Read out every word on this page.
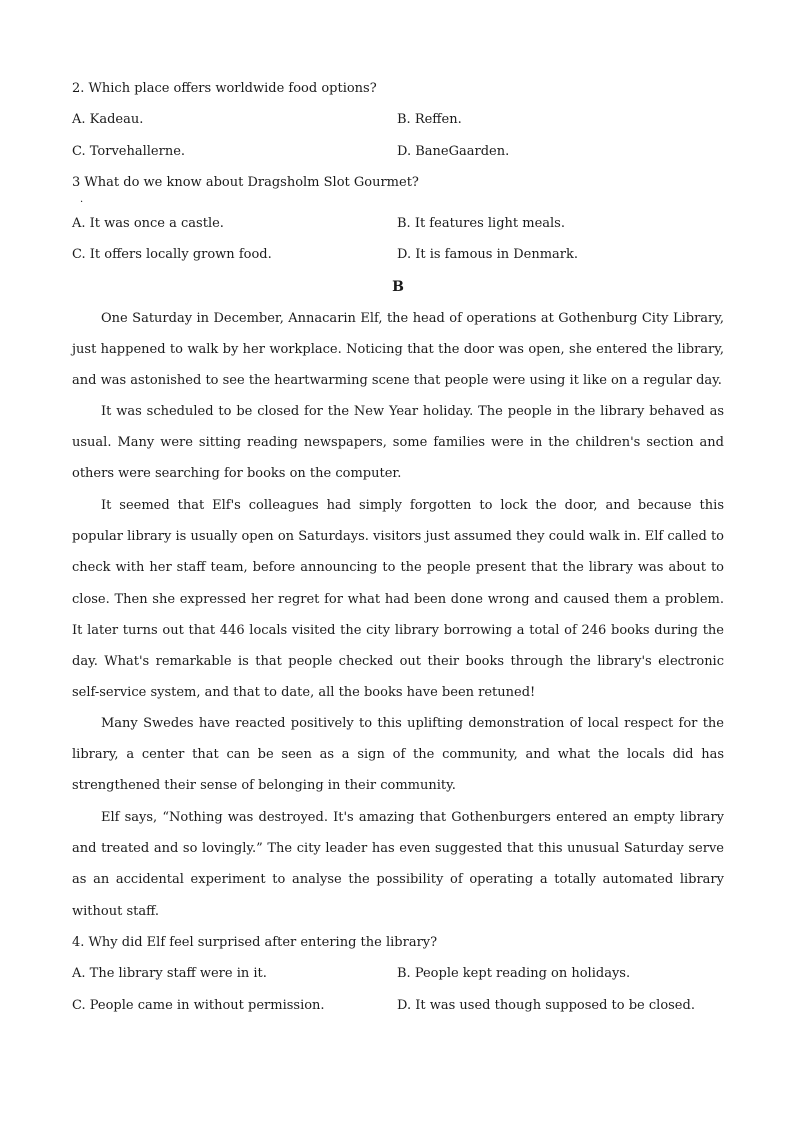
2. Which place offers worldwide food options?
A. Kadeau.	B. Reffen.
C. Torvehallerne.	D. BaneGaarden.
3 What do we know about Dragsholm Slot Gourmet?
·
A. It was once a castle.	B. It features light meals.
C. It offers locally grown food.	D. It is famous in Denmark.
B
One Saturday in December, Annacarin Elf, the head of operations at Gothenburg City Library, just happened to walk by her workplace. Noticing that the door was open, she entered the library, and was astonished to see the heartwarming scene that people were using it like on a regular day.
It was scheduled to be closed for the New Year holiday. The people in the library behaved as usual. Many were sitting reading newspapers, some families were in the children's section and others were searching for books on the computer.
It seemed that Elf's colleagues had simply forgotten to lock the door, and because this popular library is usually open on Saturdays. visitors just assumed they could walk in. Elf called to check with her staff team, before announcing to the people present that the library was about to close. Then she expressed her regret for what had been done wrong and caused them a problem. It later turns out that 446 locals visited the city library borrowing a total of 246 books during the day. What's remarkable is that people checked out their books through the library's electronic self-service system, and that to date, all the books have been retuned!
Many Swedes have reacted positively to this uplifting demonstration of local respect for the library, a center that can be seen as a sign of the community, and what the locals did has strengthened their sense of belonging in their community.
Elf says, “Nothing was destroyed. It's amazing that Gothenburgers entered an empty library and treated and so lovingly.” The city leader has even suggested that this unusual Saturday serve as an accidental experiment to analyse the possibility of operating a totally automated library without staff.
4. Why did Elf feel surprised after entering the library?
A. The library staff were in it.	B. People kept reading on holidays.
C. People came in without permission.	D. It was used though supposed to be closed.
